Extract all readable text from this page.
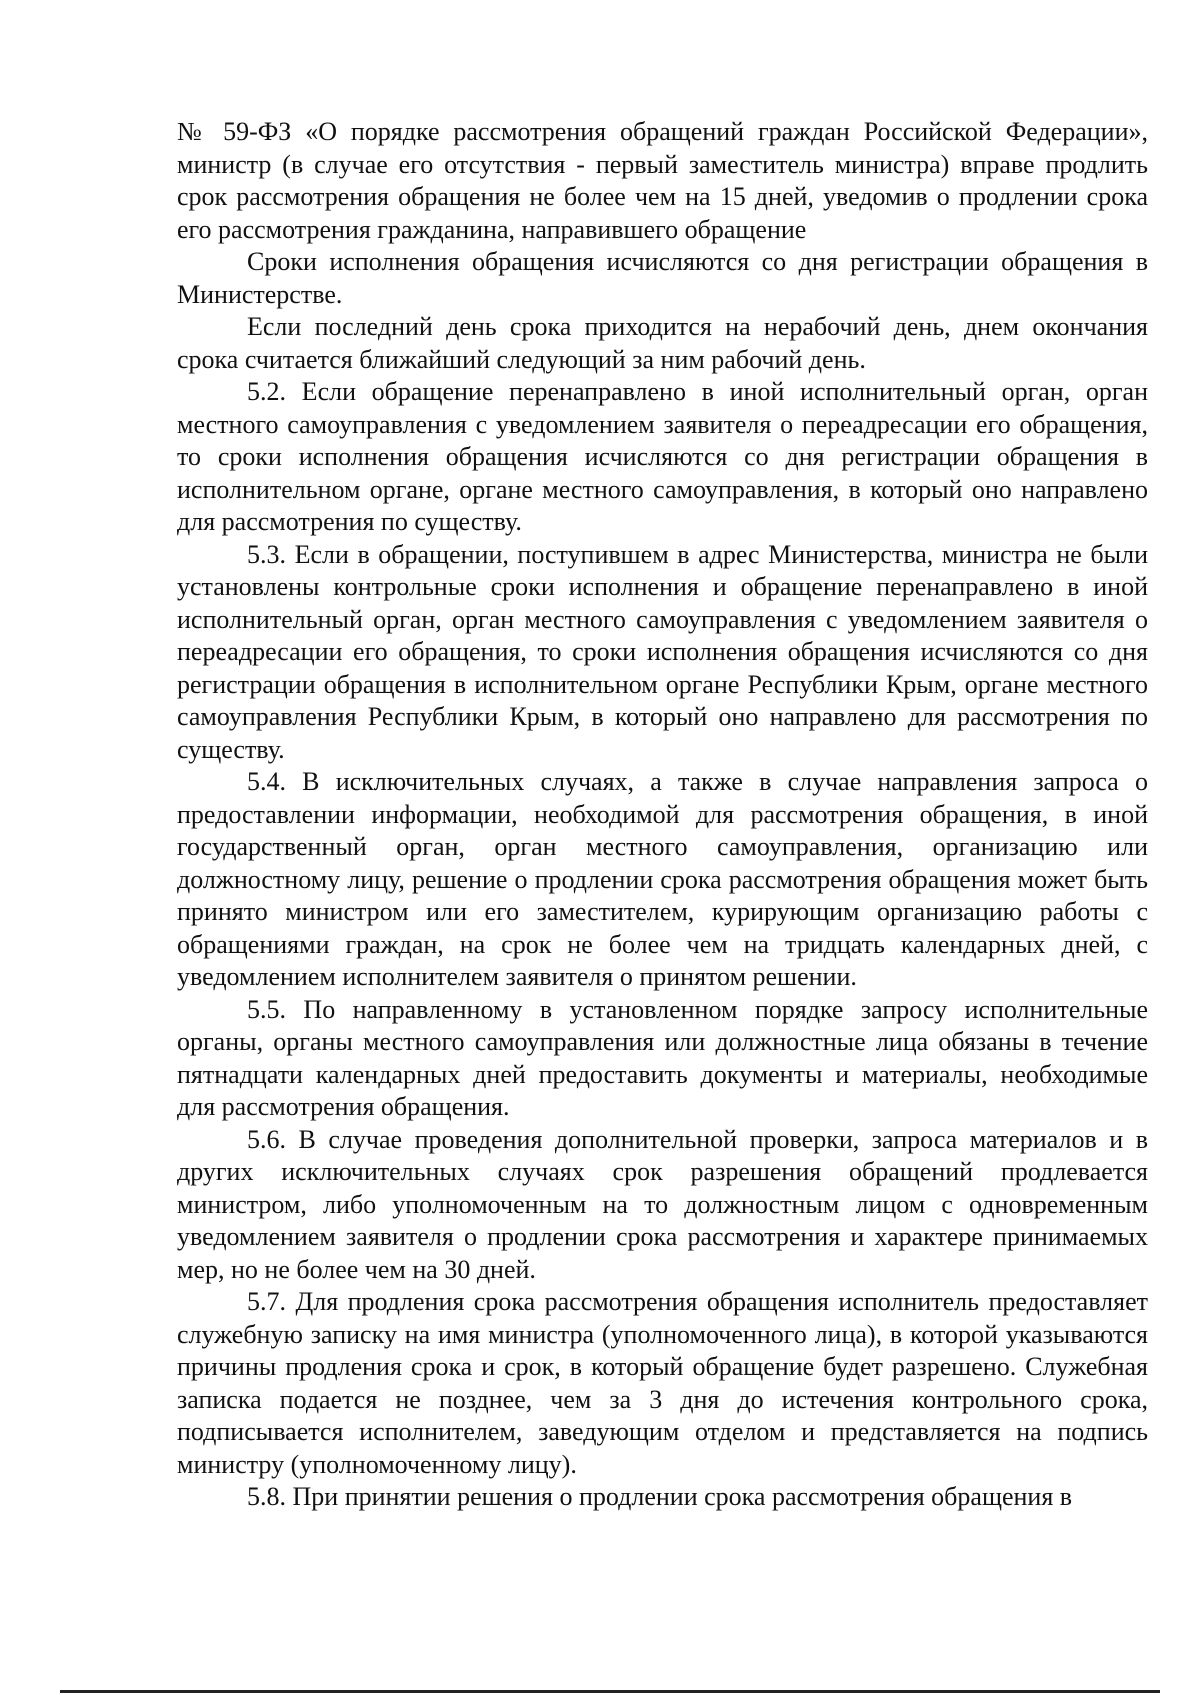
№ 59-ФЗ «О порядке рассмотрения обращений граждан Российской Федерации», министр (в случае его отсутствия - первый заместитель министра) вправе продлить срок рассмотрения обращения не более чем на 15 дней, уведомив о продлении срока его рассмотрения гражданина, направившего обращение

Сроки исполнения обращения исчисляются со дня регистрации обращения в Министерстве.

Если последний день срока приходится на нерабочий день, днем окончания срока считается ближайший следующий за ним рабочий день.

5.2. Если обращение перенаправлено в иной исполнительный орган, орган местного самоуправления с уведомлением заявителя о переадресации его обращения, то сроки исполнения обращения исчисляются со дня регистрации обращения в исполнительном органе, органе местного самоуправления, в который оно направлено для рассмотрения по существу.

5.3. Если в обращении, поступившем в адрес Министерства, министра не были установлены контрольные сроки исполнения и обращение перенаправлено в иной исполнительный орган, орган местного самоуправления с уведомлением заявителя о переадресации его обращения, то сроки исполнения обращения исчисляются со дня регистрации обращения в исполнительном органе Республики Крым, органе местного самоуправления Республики Крым, в который оно направлено для рассмотрения по существу.

5.4. В исключительных случаях, а также в случае направления запроса о предоставлении информации, необходимой для рассмотрения обращения, в иной государственный орган, орган местного самоуправления, организацию или должностному лицу, решение о продлении срока рассмотрения обращения может быть принято министром или его заместителем, курирующим организацию работы с обращениями граждан, на срок не более чем на тридцать календарных дней, с уведомлением исполнителем заявителя о принятом решении.

5.5. По направленному в установленном порядке запросу исполнительные органы, органы местного самоуправления или должностные лица обязаны в течение пятнадцати календарных дней предоставить документы и материалы, необходимые для рассмотрения обращения.

5.6. В случае проведения дополнительной проверки, запроса материалов и в других исключительных случаях срок разрешения обращений продлевается министром, либо уполномоченным на то должностным лицом с одновременным уведомлением заявителя о продлении срока рассмотрения и характере принимаемых мер, но не более чем на 30 дней.

5.7. Для продления срока рассмотрения обращения исполнитель предоставляет служебную записку на имя министра (уполномоченного лица), в которой указываются причины продления срока и срок, в который обращение будет разрешено. Служебная записка подается не позднее, чем за 3 дня до истечения контрольного срока, подписывается исполнителем, заведующим отделом и представляется на подпись министру (уполномоченному лицу).

5.8. При принятии решения о продлении срока рассмотрения обращения в
